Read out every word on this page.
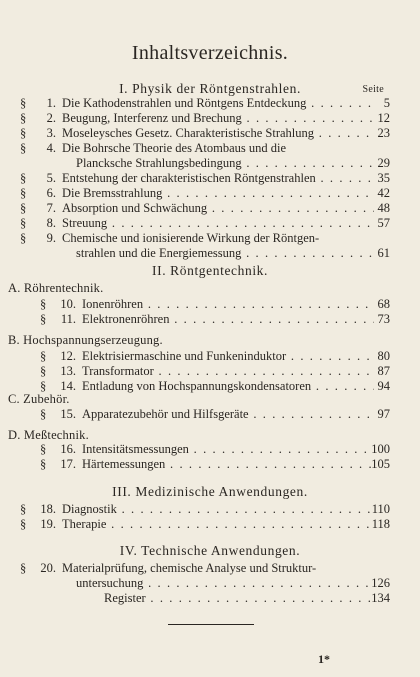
Inhaltsverzeichnis.
Seite
I. Physik der Röntgenstrahlen.
II. Röntgentechnik.
III. Medizinische Anwendungen.
IV. Technische Anwendungen.
A. Röhrentechnik.
B. Hochspannungserzeugung.
C. Zubehör.
D. Meßtechnik.
§	1. Die Kathodenstrahlen und Röntgens Entdeckung . . .	5
§	2. Beugung, Interferenz und Brechung . . .	12
§	3. Moseleysches Gesetz. Charakteristische Strahlung . . .	23
§	4. Die Bohrsche Theorie des Atombaus und die
Plancksche Strahlungsbedingung . . .	29
§	5. Entstehung der charakteristischen Röntgenstrahlen . . .	35
§	6. Die Bremsstrahlung . . .	42
§	7. Absorption und Schwächung . . .	48
§	8. Streuung . . .	57
§	9. Chemische und ionisierende Wirkung der Röntgen-
strahlen und die Energiemessung . . .	61
§	10. Ionenröhren . . .	68
§	11. Elektronenröhren . . .	73
§	12. Elektrisiermaschine und Funkeninduktor . . .	80
§	13. Transformator . . .	87
§	14. Entladung von Hochspannungskondensatoren . . .	94
§	15. Apparatezubehör und Hilfsgeräte . . .	97
§	16. Intensitätsmessungen . . .	100
§	17. Härtemessungen . . .	105
§	18. Diagnostik . . .	110
§	19. Therapie . . .	118
§	20. Materialprüfung, chemische Analyse und Struktur-
untersuchung . . .	126
Register . . .	134
1*
